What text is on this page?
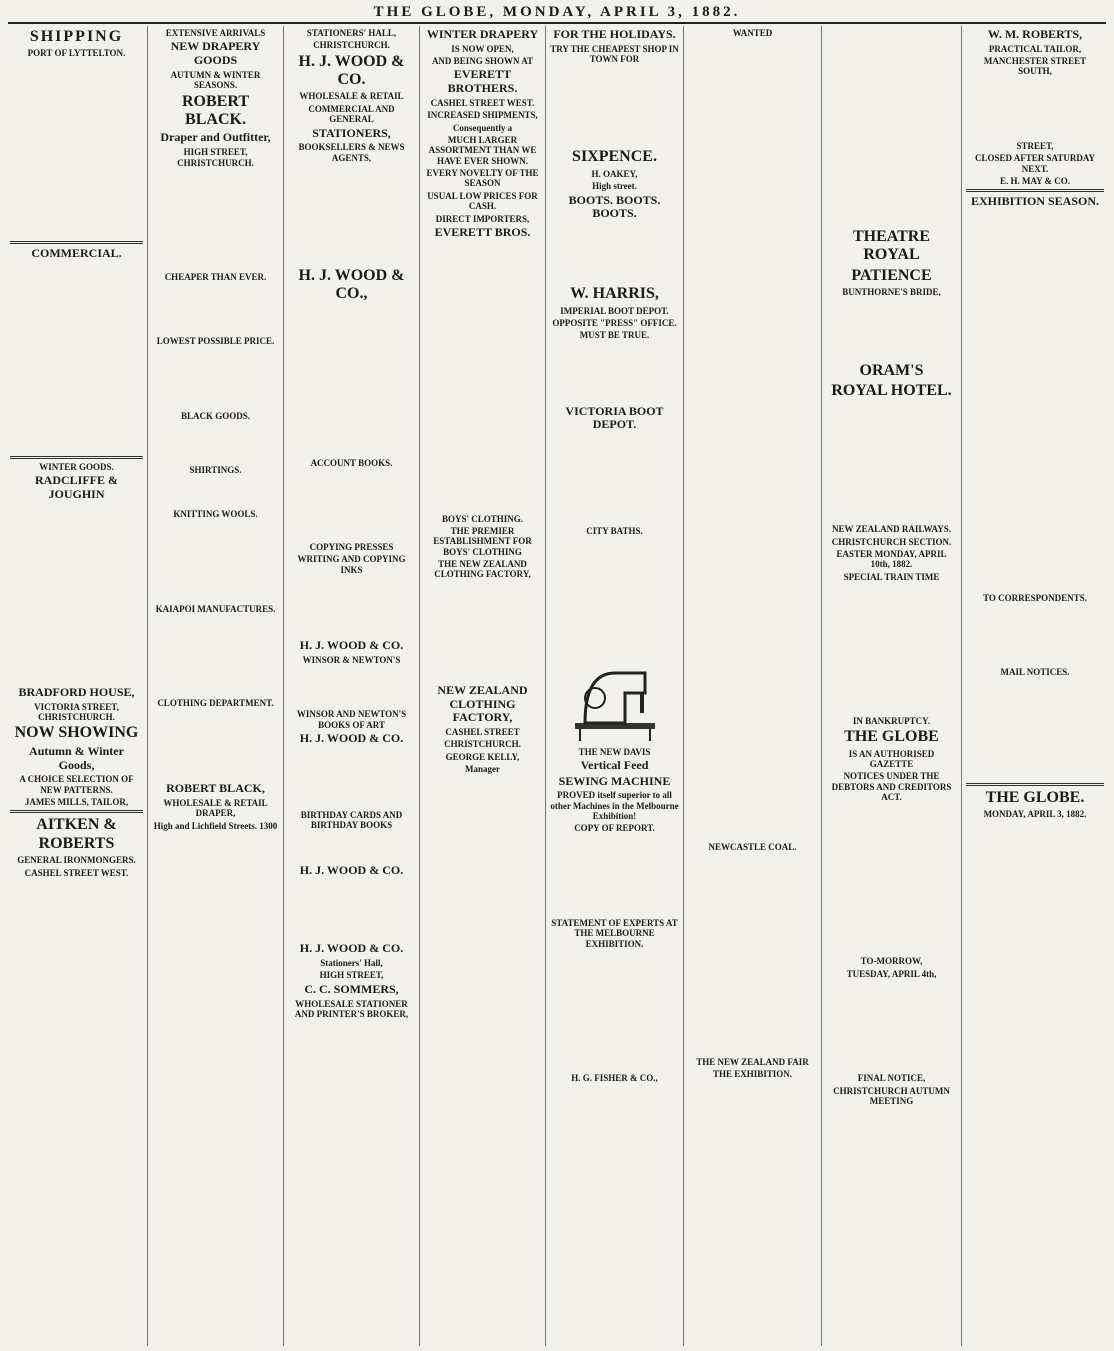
THE GLOBE, MONDAY, APRIL 3, 1882.
SHIPPING
PORT OF LYTTELTON.

COMMERCIAL.
WINTER GOODS.
RADCLIFFE & JOUGHIN
BRADFORD HOUSE,
VICTORIA STREET, CHRISTCHURCH.
NOW SHOWING
Autumn & Winter Goods,
A CHOICE SELECTION OF NEW PATTERNS.
JAMES MILLS, TAILOR,
AITKEN & ROBERTS
GENERAL IRONMONGERS.
CASHEL STREET WEST.
EXTENSIVE ARRIVALS
NEW DRAPERY GOODS
AUTUMN & WINTER SEASONS.
ROBERT BLACK.
Draper and Outfitter,
HIGH STREET, CHRISTCHURCH.
CHEAPER THAN EVER.
LOWEST POSSIBLE PRICE.
BLACK GOODS.
SHIRTINGS.
KNITTING WOOLS.
KAIAPOI MANUFACTURES.
CLOTHING DEPARTMENT.
ROBERT BLACK,
WHOLESALE & RETAIL DRAPER,
High and Lichfield Streets. 1300
STATIONERS' HALL,
CHRISTCHURCH.
H. J. WOOD & CO.
WHOLESALE & RETAIL
COMMERCIAL AND GENERAL
STATIONERS,
BOOKSELLERS & NEWS AGENTS,
H. J. WOOD & CO.,
ACCOUNT BOOKS.
COPYING PRESSES
WRITING AND COPYING INKS
H. J. WOOD & CO.
WINSOR & NEWTON'S
WINSOR AND NEWTON'S BOOKS OF ART
H. J. WOOD & CO.
BIRTHDAY CARDS AND BIRTHDAY BOOKS
H. J. WOOD & CO.
H. J. WOOD & CO.
Stationers' Hall,
HIGH STREET,
C. C. SOMMERS,
WHOLESALE STATIONER AND PRINTER'S BROKER,
WINTER DRAPERY
IS NOW OPEN,
AND BEING SHOWN AT
EVERETT BROTHERS.
CASHEL STREET WEST.
INCREASED SHIPMENTS,
Consequently a
MUCH LARGER ASSORTMENT THAN WE HAVE EVER SHOWN.
EVERY NOVELTY OF THE SEASON
USUAL LOW PRICES FOR CASH.
DIRECT IMPORTERS,
EVERETT BROS.
BOYS' CLOTHING.
THE PREMIER ESTABLISHMENT FOR BOYS' CLOTHING
THE NEW ZEALAND CLOTHING FACTORY,
NEW ZEALAND CLOTHING FACTORY,
CASHEL STREET
CHRISTCHURCH.
GEORGE KELLY,
Manager
FOR THE HOLIDAYS.
TRY THE CHEAPEST SHOP IN TOWN FOR
SIXPENCE.
H. OAKEY,
High street.
BOOTS. BOOTS. BOOTS.
W. HARRIS,
IMPERIAL BOOT DEPOT.
OPPOSITE "PRESS" OFFICE.
MUST BE TRUE.
VICTORIA BOOT DEPOT.
CITY BATHS.
THE NEW DAVIS
Vertical Feed
SEWING MACHINE
PROVED itself superior to all other Machines in the Melbourne Exhibition!
COPY OF REPORT.
STATEMENT OF EXPERTS AT THE MELBOURNE EXHIBITION.
H. G. FISHER & CO.,
WANTED
NEWCASTLE COAL.
THE NEW ZEALAND FAIR
THE EXHIBITION.
THEATRE ROYAL
PATIENCE
BUNTHORNE'S BRIDE,
ORAM'S
ROYAL HOTEL.
NEW ZEALAND RAILWAYS.
CHRISTCHURCH SECTION.
EASTER MONDAY, APRIL 10th, 1882.
SPECIAL TRAIN TIME
IN BANKRUPTCY.
THE GLOBE
IS AN AUTHORISED GAZETTE
NOTICES UNDER THE DEBTORS AND CREDITORS ACT.
TO-MORROW,
TUESDAY, APRIL 4th,
FINAL NOTICE,
CHRISTCHURCH AUTUMN MEETING
W. M. ROBERTS,
PRACTICAL TAILOR,
MANCHESTER STREET SOUTH,
STREET,
CLOSED AFTER SATURDAY NEXT.
E. H. MAY & CO.
EXHIBITION SEASON.
TO CORRESPONDENTS.
MAIL NOTICES.
THE GLOBE.
MONDAY, APRIL 3, 1882.
